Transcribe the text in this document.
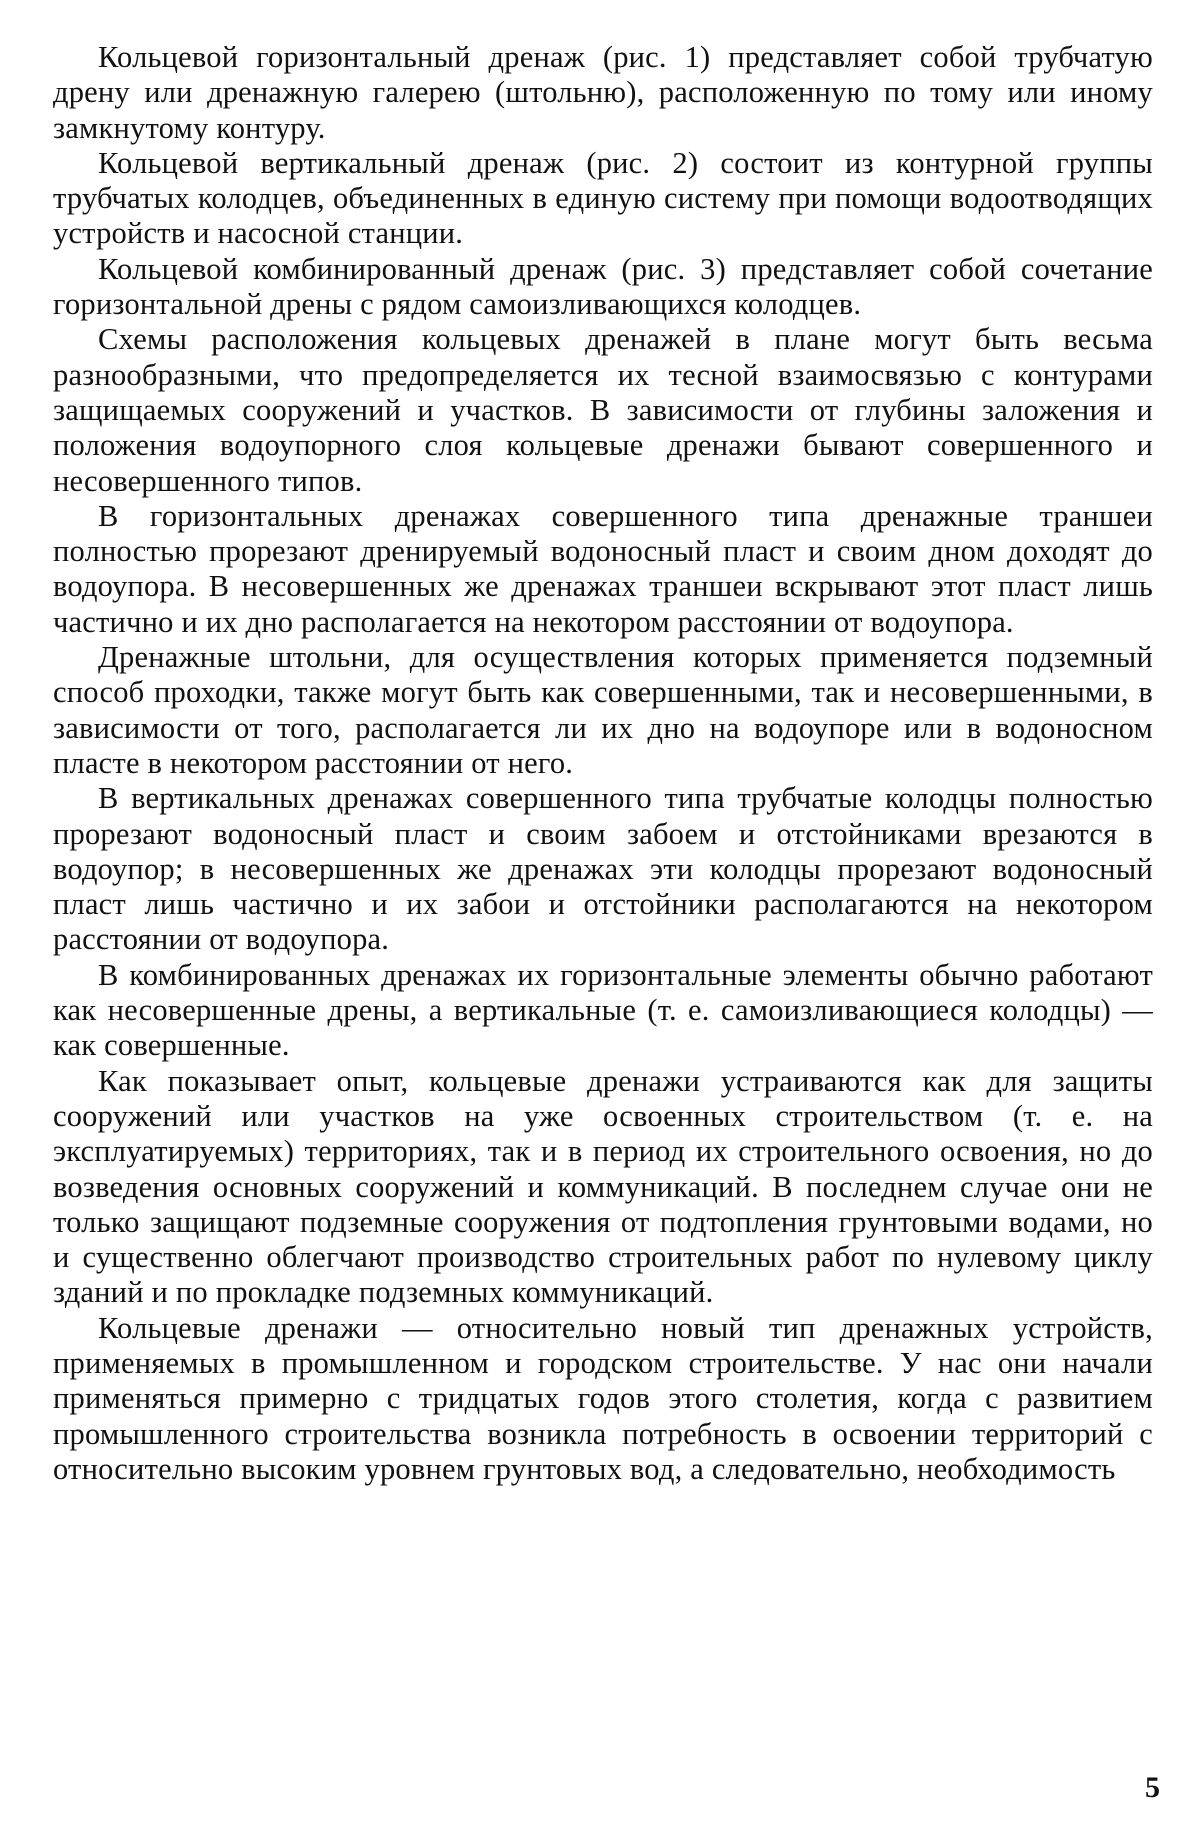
Кольцевой горизонтальный дренаж (рис. 1) представляет собой трубчатую дрену или дренажную галерею (штольню), расположенную по тому или иному замкнутому контуру.

Кольцевой вертикальный дренаж (рис. 2) состоит из контурной группы трубчатых колодцев, объединенных в единую систему при помощи водоотводящих устройств и насосной станции.

Кольцевой комбинированный дренаж (рис. 3) представляет собой сочетание горизонтальной дрены с рядом самоизливающихся колодцев.

Схемы расположения кольцевых дренажей в плане могут быть весьма разнообразными, что предопределяется их тесной взаимосвязью с контурами защищаемых сооружений и участков. В зависимости от глубины заложения и положения водоупорного слоя кольцевые дренажи бывают совершенного и несовершенного типов.

В горизонтальных дренажах совершенного типа дренажные траншеи полностью прорезают дренируемый водоносный пласт и своим дном доходят до водоупора. В несовершенных же дренажах траншеи вскрывают этот пласт лишь частично и их дно располагается на некотором расстоянии от водоупора.

Дренажные штольни, для осуществления которых применяется подземный способ проходки, также могут быть как совершенными, так и несовершенными, в зависимости от того, располагается ли их дно на водоупоре или в водоносном пласте в некотором расстоянии от него.

В вертикальных дренажах совершенного типа трубчатые колодцы полностью прорезают водоносный пласт и своим забоем и отстойниками врезаются в водоупор; в несовершенных же дренажах эти колодцы прорезают водоносный пласт лишь частично и их забои и отстойники располагаются на некотором расстоянии от водоупора.

В комбинированных дренажах их горизонтальные элементы обычно работают как несовершенные дрены, а вертикальные (т. е. самоизливающиеся колодцы) — как совершенные.

Как показывает опыт, кольцевые дренажи устраиваются как для защиты сооружений или участков на уже освоенных строительством (т. е. на эксплуатируемых) территориях, так и в период их строительного освоения, но до возведения основных сооружений и коммуникаций. В последнем случае они не только защищают подземные сооружения от подтопления грунтовыми водами, но и существенно облегчают производство строительных работ по нулевому циклу зданий и по прокладке подземных коммуникаций.

Кольцевые дренажи — относительно новый тип дренажных устройств, применяемых в промышленном и городском строительстве. У нас они начали применяться примерно с тридцатых годов этого столетия, когда с развитием промышленного строительства возникла потребность в освоении территорий с относительно высоким уровнем грунтовых вод, а следовательно, необходимость

5
